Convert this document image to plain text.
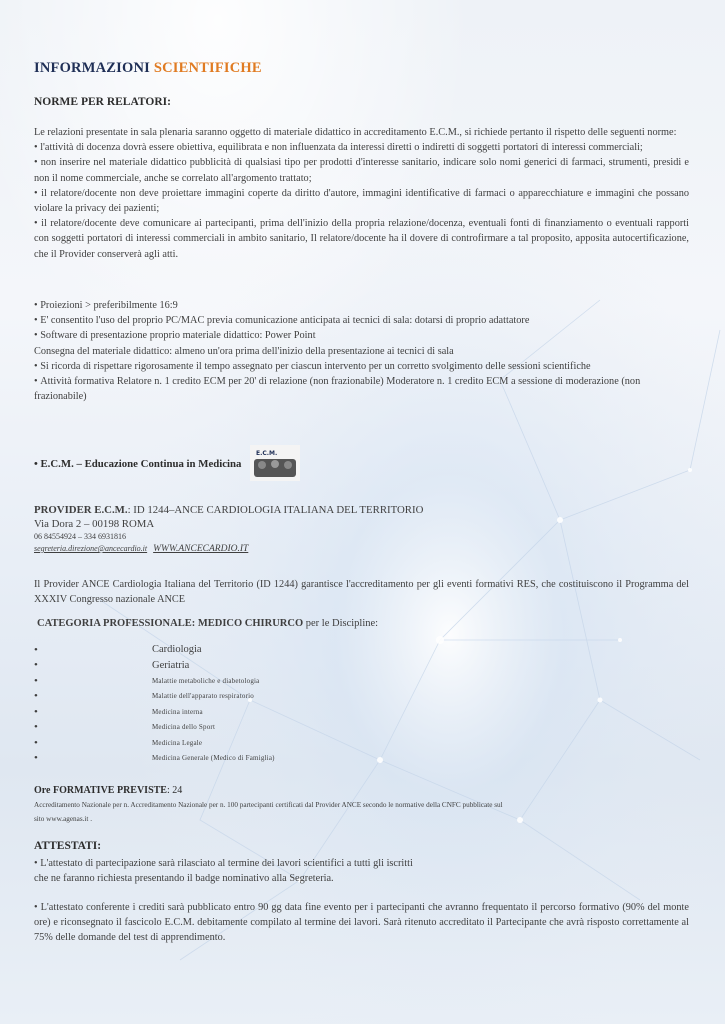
INFORMAZIONI SCIENTIFICHE
NORME PER RELATORI:
Le relazioni presentate in sala plenaria saranno oggetto di materiale didattico in accreditamento E.C.M., si richiede pertanto il rispetto delle seguenti norme:
• l'attività di docenza dovrà essere obiettiva, equilibrata e non influenzata da interessi diretti o indiretti di soggetti portatori di interessi commerciali;
• non inserire nel materiale didattico pubblicità di qualsiasi tipo per prodotti d'interesse sanitario, indicare solo nomi generici di farmaci, strumenti, presidi e non il nome commerciale, anche se correlato all'argomento trattato;
• il relatore/docente non deve proiettare immagini coperte da diritto d'autore, immagini identificative di farmaci o apparecchiature e immagini che possano violare la privacy dei pazienti;
• il relatore/docente deve comunicare ai partecipanti, prima dell'inizio della propria relazione/docenza, eventuali fonti di finanziamento o eventuali rapporti con soggetti portatori di interessi commerciali in ambito sanitario, Il relatore/docente ha il dovere di controfirmare a tal proposito, apposita autocertificazione, che il Provider conserverà agli atti.
• Proiezioni > preferibilmente 16:9
• E' consentito l'uso del proprio PC/MAC previa comunicazione anticipata ai tecnici di sala: dotarsi di proprio adattatore
• Software di presentazione proprio materiale didattico: Power Point
Consegna del materiale didattico: almeno un'ora prima dell'inizio della presentazione ai tecnici di sala
• Si ricorda di rispettare rigorosamente il tempo assegnato per ciascun intervento per un corretto svolgimento delle sessioni scientifiche
• Attività formativa Relatore n. 1 credito ECM per 20' di relazione (non frazionabile) Moderatore n. 1 credito ECM a sessione di moderazione (non frazionabile)
• E.C.M. – Educazione Continua in Medicina
E.C.M.
PROVIDER E.C.M.: ID 1244–ANCE CARDIOLOGIA ITALIANA DEL TERRITORIO
Via Dora 2 – 00198 ROMA
06 84554924 – 334 6931816
segreteria.direzione@ancecardio.it WWW.ANCECARDIO.IT
Il Provider ANCE Cardiologia Italiana del Territorio (ID 1244) garantisce l'accreditamento per gli eventi formativi RES, che costituiscono il Programma del XXXIV Congresso nazionale ANCE
CATEGORIA PROFESSIONALE: MEDICO CHIRURCO per le Discipline:
•	Cardiologia
•	Geriatria
•	Malattie metaboliche e diabetologia
•	Malattie dell'apparato respiratorio
•	Medicina interna
•	Medicina dello Sport
•	Medicina Legale
•	Medicina Generale (Medico di Famiglia)
Ore FORMATIVE PREVISTE: 24
Accreditamento Nazionale per n. Accreditamento Nazionale per n. 100 partecipanti certificati dal Provider ANCE secondo le normative della CNFC pubblicate sul sito www.agenas.it .
ATTESTATI:
• L'attestato di partecipazione sarà rilasciato al termine dei lavori scientifici a tutti gli iscritti
che ne faranno richiesta presentando il badge nominativo alla Segreteria.
• L'attestato conferente i crediti sarà pubblicato entro 90 gg data fine evento per i partecipanti che avranno frequentato il percorso formativo (90% del monte ore) e riconsegnato il fascicolo E.C.M. debitamente compilato al termine dei lavori. Sarà ritenuto accreditato il Partecipante che avrà risposto correttamente al 75% delle domande del test di apprendimento.
